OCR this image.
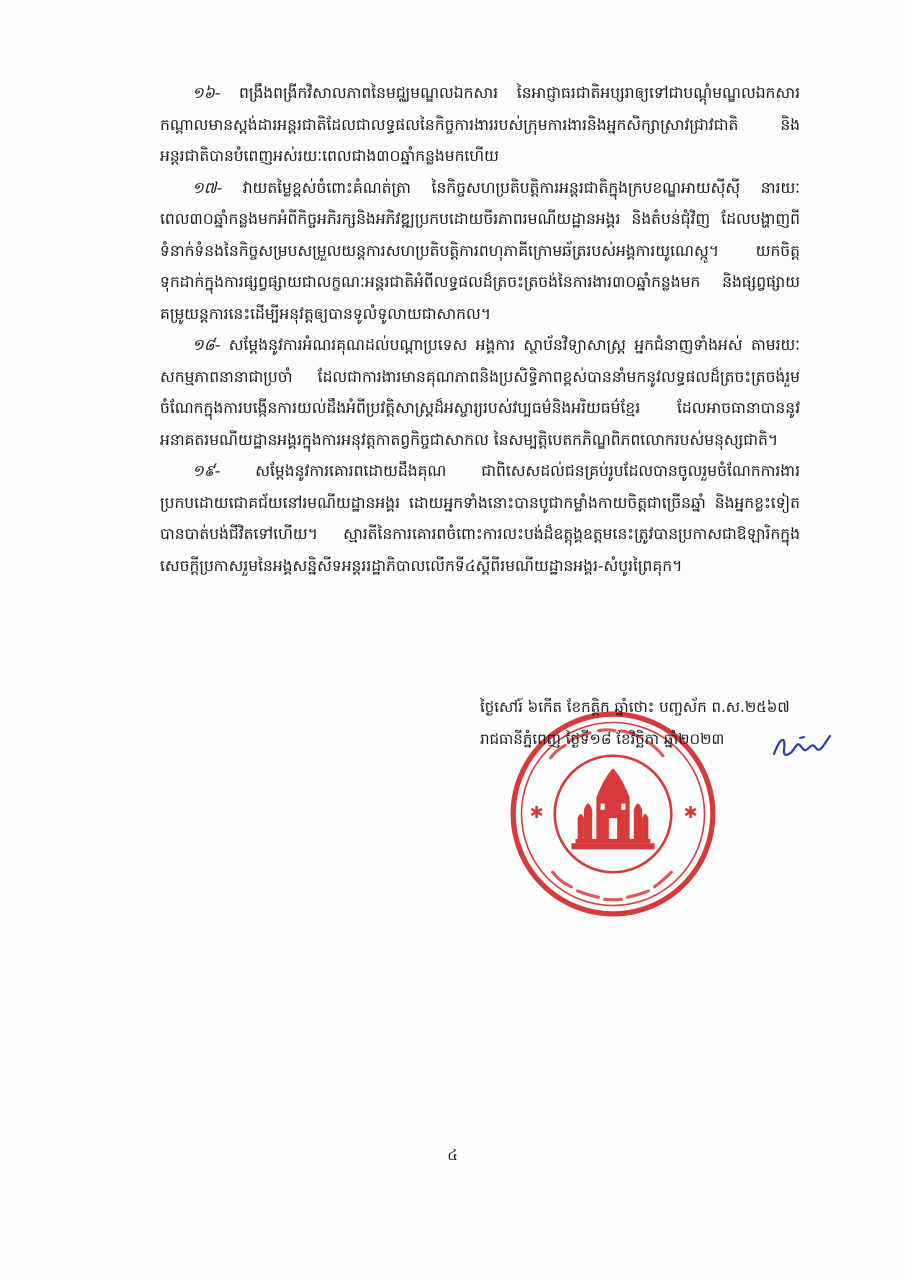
១៦- ពង្រឹងពង្រីកវិសាលភាពនៃមជ្ឈមណ្ឌលឯកសារ នៃអាជ្ញាធរជាតិអប្សរាឲ្យទៅជាបណ្ដុំមណ្ឌលឯកសារកណ្តាលមានស្តង់ដារអន្តរជាតិដែលជាលទ្ធផលនៃកិច្ចការងាររបស់ក្រុមការងារនិងអ្នកសិក្សាស្រាវជ្រាវជាតិ និងអន្តរជាតិបានបំពេញអស់រយៈពេលជាង៣០ឆ្នាំកន្លងមកហើយ

១៧- វាយតម្លៃខ្ពស់ចំពោះគំណត់ត្រា នៃកិច្ចសហប្រតិបត្តិការអន្តរជាតិក្នុងក្របខណ្ឌអាយស៊ីស៊ី នារយៈពេល៣០ឆ្នាំកន្លងមកអំពីកិច្ចអភិរក្សនិងអភិវឌ្ឍប្រកបដោយចីរភាពរមណីយដ្ឋានអង្គរ និងតំបន់ជុំវិញ ដែលបង្ហាញពីទំនាក់ទំនងនៃកិច្ចសម្របសម្រួលយន្តការសហប្រតិបត្តិការពហុភាគីក្រោមឆ័ត្ររបស់អង្គការយូណេស្កូ។ យកចិត្តទុកដាក់ក្នុងការផ្សព្វផ្សាយជាលក្ខណៈអន្តរជាតិអំពីលទ្ធផលដ៏ត្រចះត្រចង់នៃការងារ៣០ឆ្នាំកន្លងមក និងផ្សព្វផ្សាយគម្រូយន្តការនេះដើម្បីអនុវត្តឲ្យបានទូលំទូលាយជាសាកល។

១៨- សម្តែងនូវការអំណរគុណដល់បណ្តាប្រទេស អង្គការ ស្ថាប័នវិទ្យាសាស្ត្រ អ្នកជំនាញទាំងអស់ តាមរយៈសកម្មភាពនានាជាប្រចាំ ដែលជាការងារមានគុណភាពនិងប្រសិទ្ធិភាពខ្ពស់បាននាំមកនូវលទ្ធផលដ៏ត្រចះត្រចង់រួមចំណែកក្នុងការបង្កើនការយល់ដឹងអំពីប្រវត្តិសាស្ត្រដ៏អស្ចារ្យរបស់វប្បធម៌និងអរិយធម៌ខ្មែរ ដែលអាចធានាបាននូវអនាគតរមណីយដ្ឋានអង្គរក្នុងការអនុវត្តកាតព្វកិច្ចជាសាកល នៃសម្បត្តិបេតកភិណ្ឌពិភពលោករបស់មនុស្សជាតិ។

១៩- សម្តែងនូវការគោរពដោយដឹងគុណ ជាពិសេសដល់ជនគ្រប់រូបដែលបានចូលរួមចំណែកការងារប្រកបដោយជោគជ័យនៅរមណីយដ្ឋានអង្គរ ដោយអ្នកទាំងនោះបានបូជាកម្លាំងកាយចិត្តជាច្រើនឆ្នាំ និងអ្នកខ្លះទៀតបានបាត់បង់ជីវិតទៅហើយ។ ស្មារតីនៃការគោរពចំពោះការលះបង់ដ៏ឧត្តុង្គឧត្តមនេះត្រូវបានប្រកាសជាឱឡារិកក្នុងសេចក្តីប្រកាសរួមនៃអង្គសន្និសីទអន្តររដ្ឋាភិបាលលើកទី៤ស្តីពីរមណីយដ្ឋានអង្គរ-សំបូរព្រៃគុក។

✱	✱
ថ្ងៃសៅរ៍ ៦កើត ខែកត្តិក ឆ្នាំថោះ បញ្ចស័ក ព.ស.២៥៦៧
រាជធានីភ្នំពេញ ថ្ងៃទី១៨ ខែវិច្ឆិកា ឆ្នាំ២០២៣
៤
